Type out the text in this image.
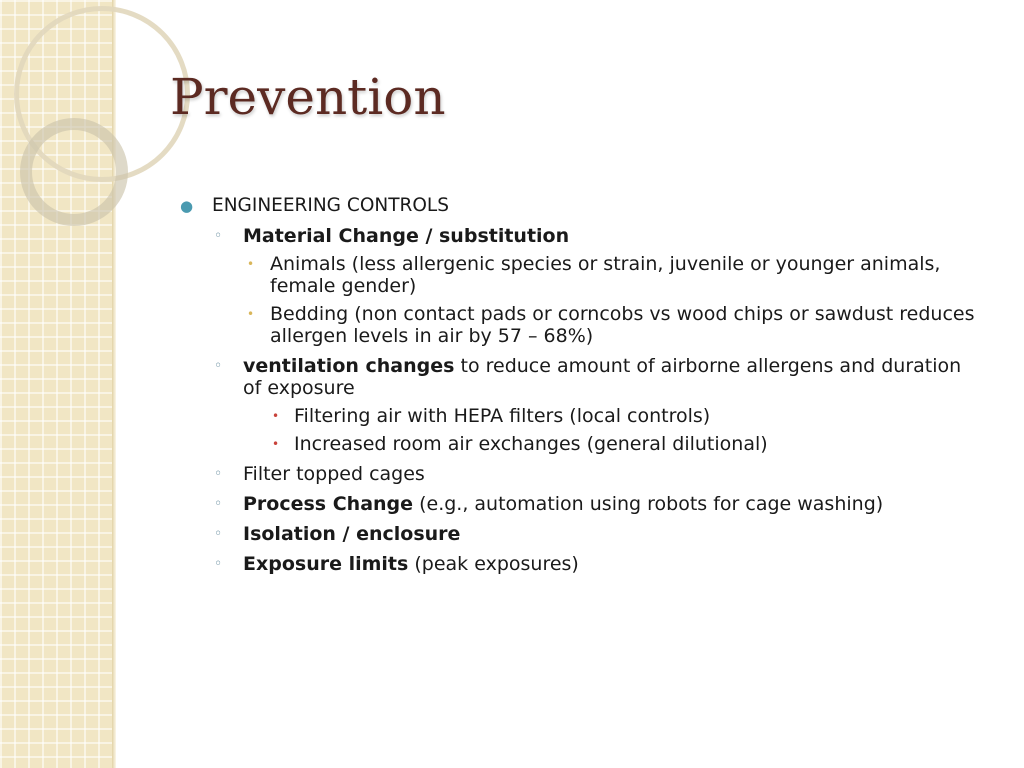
Prevention
●	ENGINEERING CONTROLS
◦	Material Change / substitution
• Animals (less allergenic species or strain, juvenile or younger animals, female gender)
• Bedding (non contact pads or corncobs vs wood chips or sawdust reduces allergen levels in air by 57 – 68%)
◦	ventilation changes to reduce amount of airborne allergens and duration of exposure
• Filtering air with HEPA filters (local controls)
• Increased room air exchanges (general dilutional)
◦	Filter topped cages
◦	Process Change (e.g., automation using robots for cage washing)
◦	Isolation / enclosure
◦	Exposure limits (peak exposures)
